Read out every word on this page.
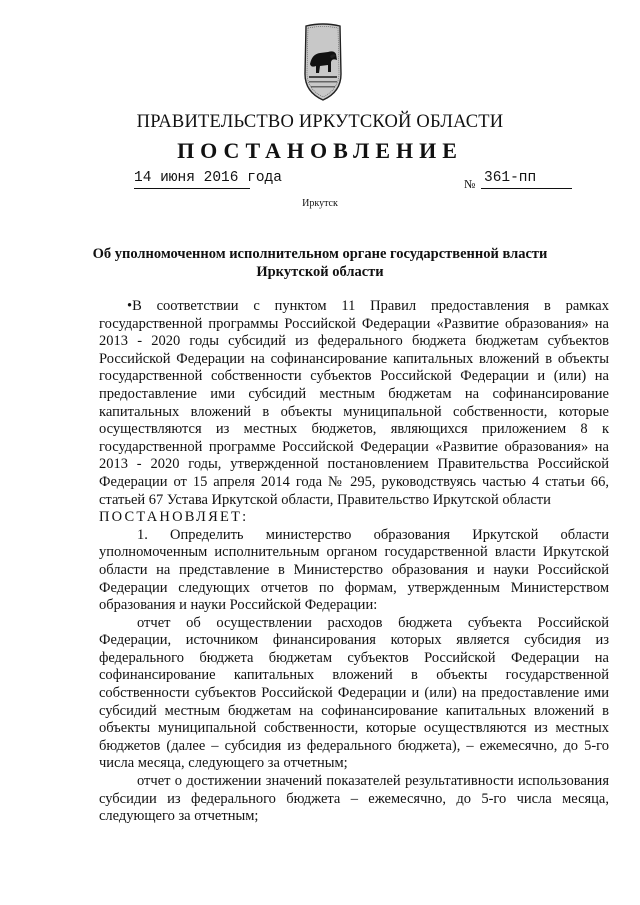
ПРАВИТЕЛЬСТВО ИРКУТСКОЙ ОБЛАСТИ
ПОСТАНОВЛЕНИЕ
14 июня 2016 года	№ 361-пп
Иркутск
Об уполномоченном исполнительном органе государственной власти Иркутской области

•В соответствии с пунктом 11 Правил предоставления в рамках государственной программы Российской Федерации «Развитие образования» на 2013 - 2020 годы субсидий из федерального бюджета бюджетам субъектов Российской Федерации на софинансирование капитальных вложений в объекты государственной собственности субъектов Российской Федерации и (или) на предоставление ими субсидий местным бюджетам на софинансирование капитальных вложений в объекты муниципальной собственности, которые осуществляются из местных бюджетов, являющихся приложением 8 к государственной программе Российской Федерации «Развитие образования» на 2013 - 2020 годы, утвержденной постановлением Правительства Российской Федерации от 15 апреля 2014 года № 295, руководствуясь частью 4 статьи 66, статьей 67 Устава Иркутской области, Правительство Иркутской области

ПОСТАНОВЛЯЕТ:

1. Определить министерство образования Иркутской области уполномоченным исполнительным органом государственной власти Иркутской области на представление в Министерство образования и науки Российской Федерации следующих отчетов по формам, утвержденным Министерством образования и науки Российской Федерации:

отчет об осуществлении расходов бюджета субъекта Российской Федерации, источником финансирования которых является субсидия из федерального бюджета бюджетам субъектов Российской Федерации на софинансирование капитальных вложений в объекты государственной собственности субъектов Российской Федерации и (или) на предоставление ими субсидий местным бюджетам на софинансирование капитальных вложений в объекты муниципальной собственности, которые осуществляются из местных бюджетов (далее – субсидия из федерального бюджета), – ежемесячно, до 5-го числа месяца, следующего за отчетным;

отчет о достижении значений показателей результативности использования субсидии из федерального бюджета – ежемесячно, до 5-го числа месяца, следующего за отчетным;
